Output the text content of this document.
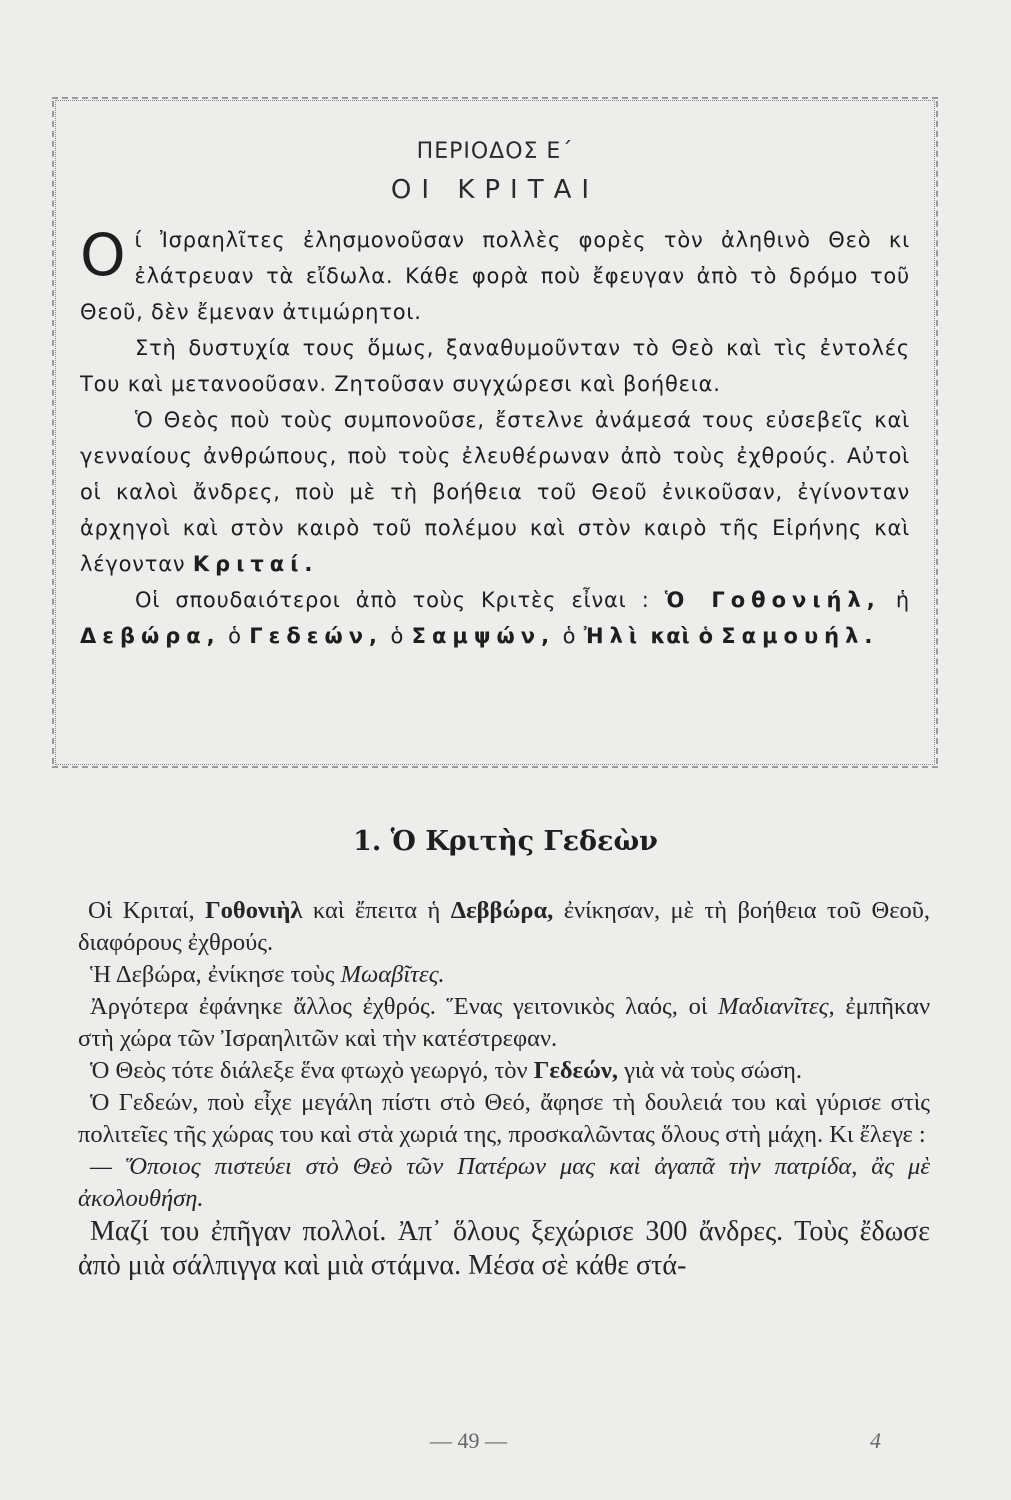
ΠΕΡΙΟΔΟΣ Ε΄
ΟΙ ΚΡΙΤΑΙ

Ο ί Ἰσραηλῖτες ἐλησμονοῦσαν πολλὲς φορὲς τὸν ἀληθινὸ Θεὸ κι ἐλάτρευαν τὰ εἴδωλα. Κάθε φορὰ ποὺ ἔφευγαν ἀπὸ τὸ δρόμο τοῦ Θεοῦ, δὲν ἔμεναν ἀτιμώρητοι.

Στὴ δυστυχία τους ὅμως, ξαναθυμοῦνταν τὸ Θεὸ καὶ τὶς ἐντολές Του καὶ μετανοοῦσαν. Ζητοῦσαν συγχώρεσι καὶ βοήθεια.

Ὁ Θεὸς ποὺ τοὺς συμπονοῦσε, ἔστελνε ἀνάμεσά τους εὐσεβεῖς καὶ γενναίους ἀνθρώπους, ποὺ τοὺς ἐλευθέρωναν ἀπὸ τοὺς ἐχθρούς. Αὐτοὶ οἱ καλοὶ ἄνδρες, ποὺ μὲ τὴ βοήθεια τοῦ Θεοῦ ἐνικοῦσαν, ἐγίνονταν ἀρχηγοὶ καὶ στὸν καιρὸ τοῦ πολέμου καὶ στὸν καιρὸ τῆς Εἰρήνης καὶ λέγονταν Κριταί.

Οἱ σπουδαιότεροι ἀπὸ τοὺς Κριτὲς εἶναι : Ὁ Γοθονιήλ, ἡ Δεβώρα, ὁ Γεδεών, ὁ Σαμψών, ὁ Ἠλὶ καὶ ὁ Σαμουήλ.

1. Ὁ Κριτὴς Γεδεὼν

Οἱ Κριταί, Γοθονιὴλ καὶ ἔπειτα ἡ Δεββώρα, ἐνίκησαν, μὲ τὴ βοήθεια τοῦ Θεοῦ, διαφόρους ἐχθρούς.

Ἡ Δεβώρα, ἐνίκησε τοὺς Μωαβῖτες.

Ἀργότερα ἐφάνηκε ἄλλος ἐχθρός. Ἕνας γειτονικὸς λαός, οἱ Μαδιανῖτες, ἐμπῆκαν στὴ χώρα τῶν Ἰσραηλιτῶν καὶ τὴν κατέστρεφαν.

Ὁ Θεὸς τότε διάλεξε ἕνα φτωχὸ γεωργό, τὸν Γεδεών, γιὰ νὰ τοὺς σώση.

Ὁ Γεδεών, ποὺ εἶχε μεγάλη πίστι στὸ Θεό, ἄφησε τὴ δουλειά του καὶ γύρισε στὶς πολιτεῖες τῆς χώρας του καὶ στὰ χωριά της, προσκαλῶντας ὅλους στὴ μάχη. Κι ἔλεγε :

— Ὅποιος πιστεύει στὸ Θεὸ τῶν Πατέρων μας καὶ ἀγαπᾶ τὴν πατρίδα, ἂς μὲ ἀκολουθήση.

Μαζί του ἐπῆγαν πολλοί. Ἀπ᾿ ὅλους ξεχώρισε 300 ἄνδρες. Τοὺς ἔδωσε ἀπὸ μιὰ σάλπιγγα καὶ μιὰ στάμνα. Μέσα σὲ κάθε στά-

— 49 —	4
